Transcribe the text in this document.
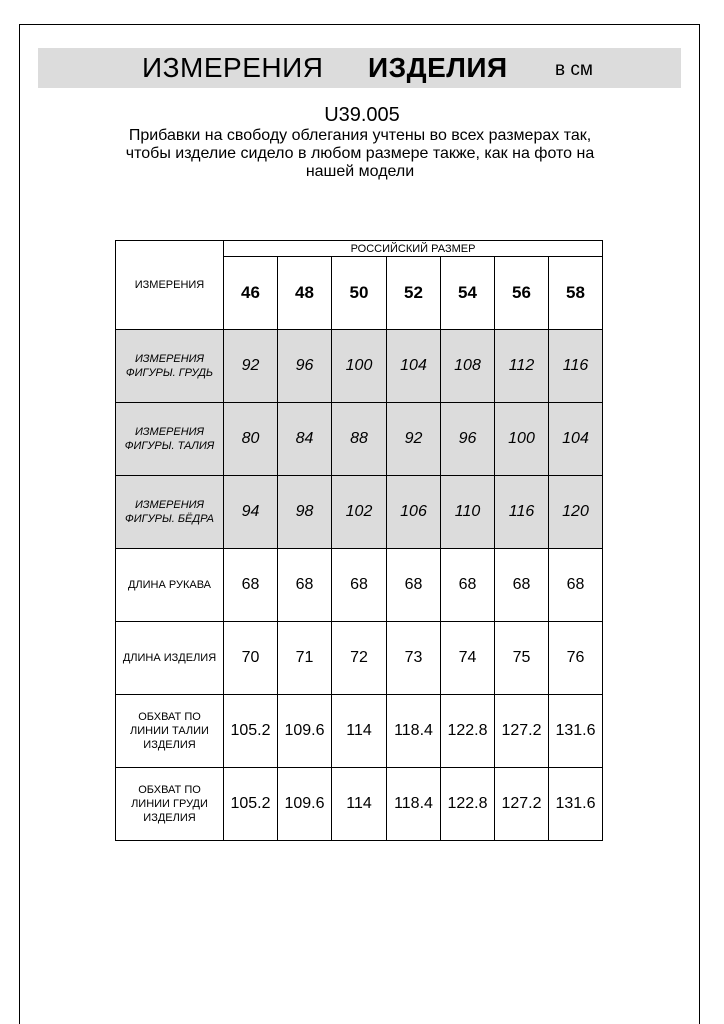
ИЗМЕРЕНИЯ ИЗДЕЛИЯ в см
U39.005
Прибавки на свободу облегания учтены во всех размерах так, чтобы изделие сидело в любом размере также, как на фото на нашей модели
ИЗМЕРЕНИЯ	РОССИЙСКИЙ РАЗМЕР						
	46	48	50	52	54	56	58
ИЗМЕРЕНИЯ
ФИГУРЫ. ГРУДЬ	92	96	100	104	108	112	116
ИЗМЕРЕНИЯ
ФИГУРЫ. ТАЛИЯ	80	84	88	92	96	100	104
ИЗМЕРЕНИЯ
ФИГУРЫ. БЁДРА	94	98	102	106	110	116	120
ДЛИНА РУКАВА	68	68	68	68	68	68	68
ДЛИНА ИЗДЕЛИЯ	70	71	72	73	74	75	76
ОБХВАТ ПО
ЛИНИИ ТАЛИИ
ИЗДЕЛИЯ	105.2	109.6	114	118.4	122.8	127.2	131.6
ОБХВАТ ПО
ЛИНИИ ГРУДИ
ИЗДЕЛИЯ	105.2	109.6	114	118.4	122.8	127.2	131.6
